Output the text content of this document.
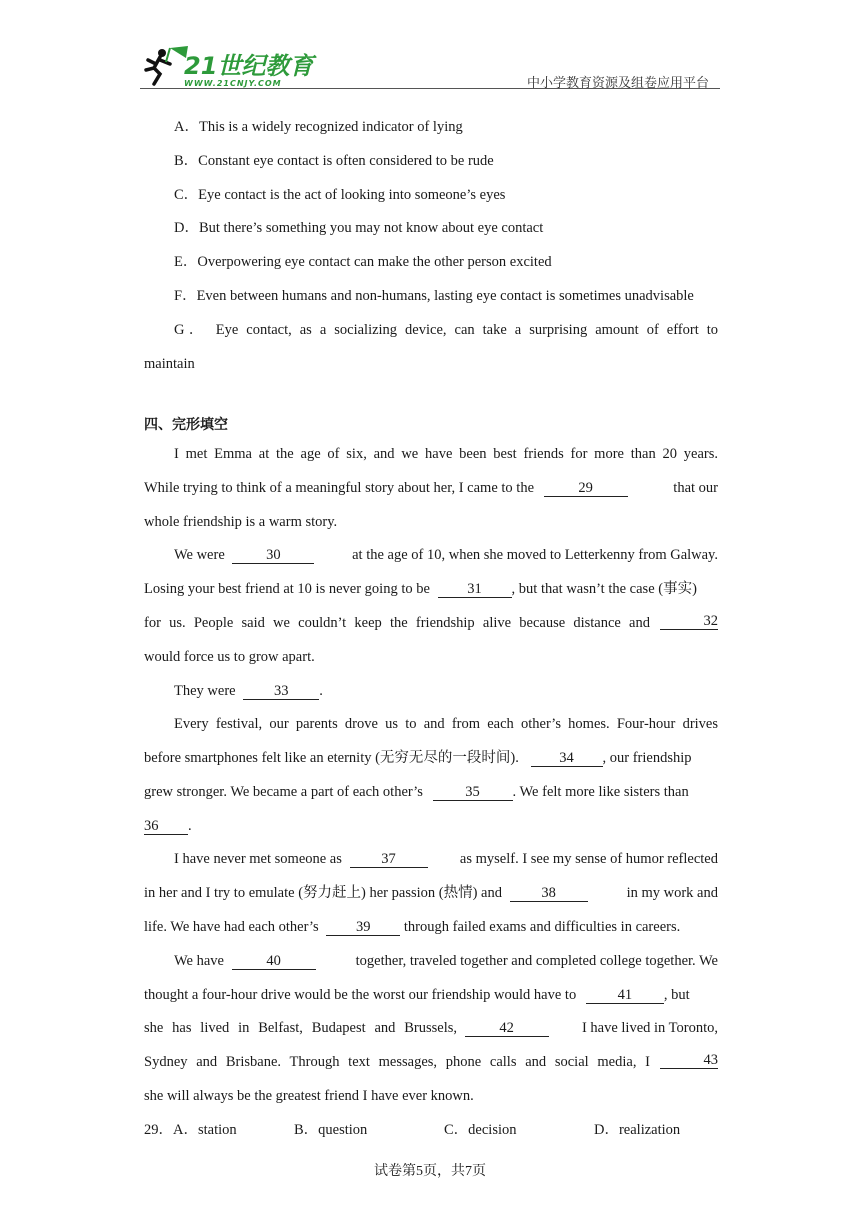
21世纪教育
WWW.21CNJY.COM	中小学教育资源及组卷应用平台
A．This is a widely recognized indicator of lying
B．Constant eye contact is often considered to be rude
C．Eye contact is the act of looking into someone’s eyes
D．But there’s something you may not know about eye contact
E．Overpowering eye contact can make the other person excited
F．Even between humans and non-humans, lasting eye contact is sometimes unadvisable
G． Eye contact, as a socializing device, can take a surprising amount of effort to
maintain
四、完形填空
I met Emma at the age of six, and we have been best friends for more than 20 years.
While trying to think of a meaningful story about her, I came to the	29	that our
whole friendship is a warm story.
We were	30	at the age of 10, when she moved to Letterkenny from Galway.
Losing your best friend at 10 is never going to be	31 , but that wasn’t the case (事实)
for us. People said we couldn’t keep the friendship alive because distance and	32
would force us to grow apart.
They were	33 .
Every festival, our parents drove us to and from each other’s homes. Four-hour drives
before smartphones felt like an eternity (无穷无尽的一段时间).	34 , our friendship
grew stronger. We became a part of each other’s	35 . We felt more like sisters than
36 .
I have never met someone as	37	as myself. I see my sense of humor reflected
in her and I try to emulate (努力赶上) her passion (热情) and	38	in my work and
life. We have had each other’s	39 through failed exams and difficulties in careers.
We have	40	together, traveled together and completed college together. We
thought a four-hour drive would be the worst our friendship would have to	41 , but
she has lived in Belfast, Budapest and Brussels,	42	I have lived in Toronto,
Sydney and Brisbane. Through text messages, phone calls and social media, I	43
she will always be the greatest friend I have ever known.
29．A．station	B．question	C．decision	D．realization
试卷第5页，共7页
